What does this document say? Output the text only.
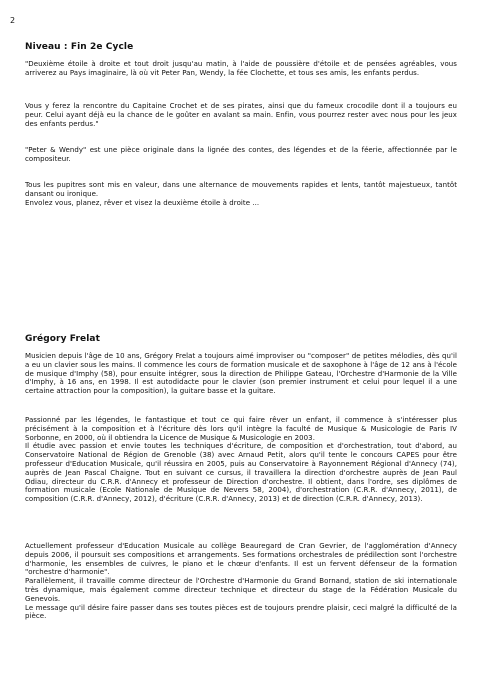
2
Niveau : Fin 2e Cycle
"Deuxième étoile à droite et tout droit jusqu'au matin, à l'aide de poussière d'étoile et de pensées agréables, vous arriverez au Pays imaginaire, là où vit Peter Pan, Wendy, la fée Clochette, et tous ses amis, les enfants perdus.
Vous y ferez la rencontre du Capitaine Crochet et de ses pirates, ainsi que du fameux crocodile dont il a toujours eu peur. Celui ayant déjà eu la chance de le goûter en avalant sa main. Enfin, vous pourrez rester avec nous pour les jeux des enfants perdus."
"Peter & Wendy" est une pièce originale dans la lignée des contes, des légendes et de la féerie, affectionnée par le compositeur.
Tous les pupitres sont mis en valeur, dans une alternance de mouvements rapides et lents, tantôt majestueux, tantôt dansant ou ironique.
Envolez vous, planez, rêver et visez la deuxième étoile à droite ...
Grégory Frelat
Musicien depuis l'âge de 10 ans, Grégory Frelat a toujours aimé improviser ou "composer" de petites mélodies, dès qu'il a eu un clavier sous les mains. Il commence les cours de formation musicale et de saxophone à l'âge de 12 ans à l'école de musique d'Imphy (58), pour ensuite intégrer, sous la direction de Philippe Gateau, l'Orchestre d'Harmonie de la Ville d'Imphy, à 16 ans, en 1998. Il est autodidacte pour le clavier (son premier instrument et celui pour lequel il a une certaine attraction pour la composition), la guitare basse et la guitare.
Passionné par les légendes, le fantastique et tout ce qui faire rêver un enfant, il commence à s'intéresser plus précisément à la composition et à l'écriture dès lors qu'il intègre la faculté de Musique & Musicologie de Paris IV Sorbonne, en 2000, où il obtiendra la Licence de Musique & Musicologie en 2003.
Il étudie avec passion et envie toutes les techniques d'écriture, de composition et d'orchestration, tout d'abord, au Conservatoire National de Région de Grenoble (38) avec Arnaud Petit, alors qu'il tente le concours CAPES pour être professeur d'Education Musicale, qu'il réussira en 2005, puis au Conservatoire à Rayonnement Régional d'Annecy (74), auprès de Jean Pascal Chaigne. Tout en suivant ce cursus, il travaillera la direction d'orchestre auprès de Jean Paul Odiau, directeur du C.R.R. d'Annecy et professeur de Direction d'orchestre. Il obtient, dans l'ordre, ses diplômes de formation musicale (Ecole Nationale de Musique de Nevers 58, 2004), d'orchestration (C.R.R. d'Annecy, 2011), de composition (C.R.R. d'Annecy, 2012), d'écriture (C.R.R. d'Annecy, 2013) et de direction (C.R.R. d'Annecy, 2013).
Actuellement professeur d'Education Musicale au collège Beauregard de Cran Gevrier, de l'agglomération d'Annecy depuis 2006, il poursuit ses compositions et arrangements. Ses formations orchestrales de prédilection sont l'orchestre d'harmonie, les ensembles de cuivres, le piano et le chœur d'enfants. Il est un fervent défenseur de la formation "orchestre d'harmonie".
Parallèlement, il travaille comme directeur de l'Orchestre d'Harmonie du Grand Bornand, station de ski internationale très dynamique, mais également comme directeur technique et directeur du stage de la Fédération Musicale du Genevois.
Le message qu'il désire faire passer dans ses toutes pièces est de toujours prendre plaisir, ceci malgré la difficulté de la pièce.
